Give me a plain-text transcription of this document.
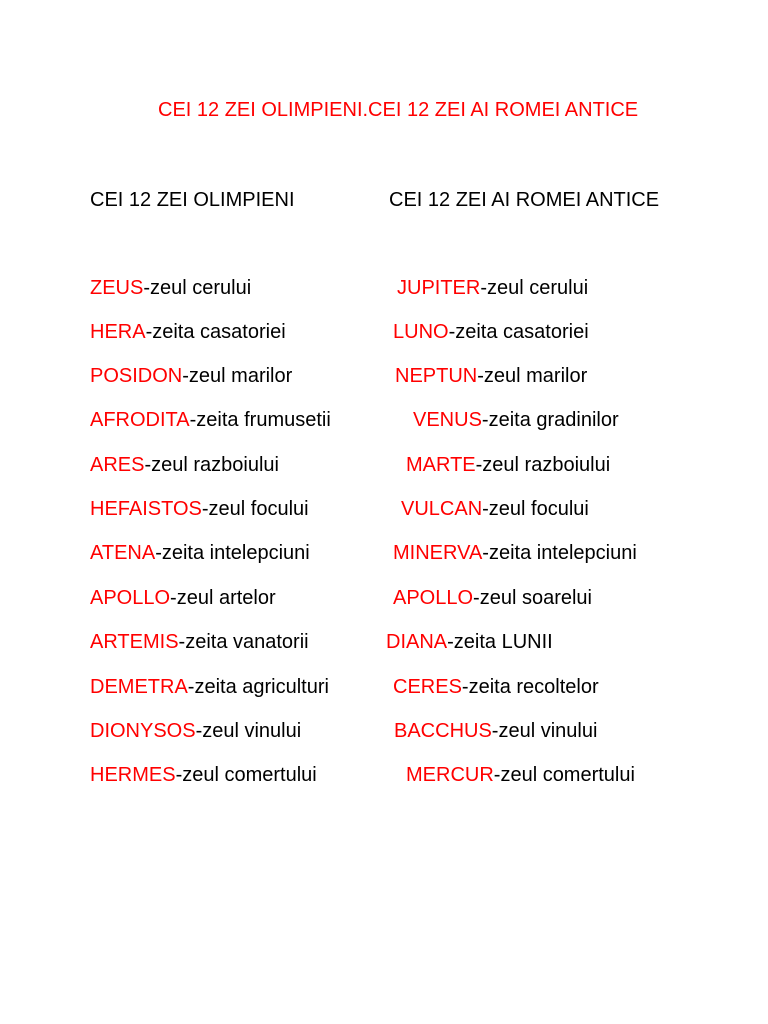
CEI 12 ZEI OLIMPIENI.CEI 12 ZEI AI ROMEI ANTICE
CEI 12 ZEI OLIMPIENI	CEI 12 ZEI AI ROMEI ANTICE
ZEUS-zeul cerului
HERA-zeita casatoriei
POSIDON-zeul marilor
AFRODITA-zeita frumusetii
ARES-zeul razboiului
HEFAISTOS-zeul focului
ATENA-zeita intelepciuni
APOLLO-zeul artelor
ARTEMIS-zeita vanatorii
DEMETRA-zeita agriculturi
DIONYSOS-zeul vinului
HERMES-zeul comertului
JUPITER-zeul cerului
LUNO-zeita casatoriei
NEPTUN-zeul marilor
VENUS-zeita gradinilor
MARTE-zeul razboiului
VULCAN-zeul focului
MINERVA-zeita intelepciuni
APOLLO-zeul soarelui
DIANA-zeita LUNII
CERES-zeita recoltelor
BACCHUS-zeul vinului
MERCUR-zeul comertului
